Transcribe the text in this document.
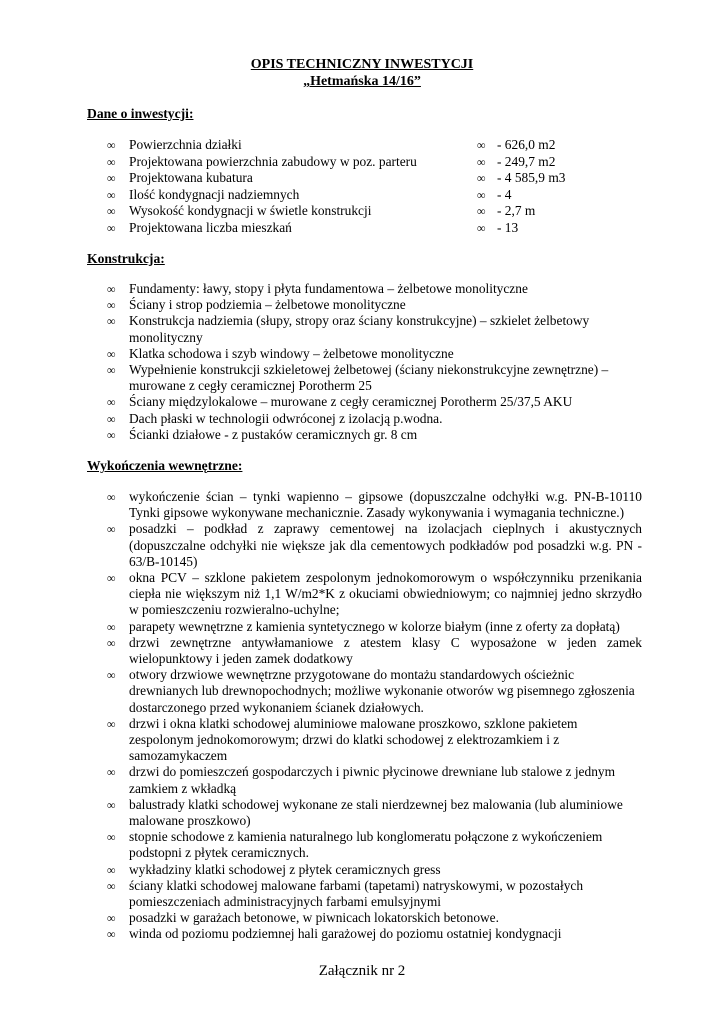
OPIS TECHNICZNY INWESTYCJI
„Hetmańska 14/16”
Dane o inwestycji:
∞	Powierzchnia działki	∞ - 626,0 m2
∞	Projektowana powierzchnia zabudowy w poz. parteru	∞ - 249,7 m2
∞	Projektowana kubatura	∞ - 4 585,9 m3
∞	Ilość kondygnacji nadziemnych	∞ - 4
∞	Wysokość kondygnacji w świetle konstrukcji	∞ - 2,7 m
∞	Projektowana liczba mieszkań	∞ - 13
Konstrukcja:
∞	Fundamenty: ławy, stopy i płyta fundamentowa – żelbetowe monolityczne
∞	Ściany i strop podziemia – żelbetowe monolityczne
∞	Konstrukcja nadziemia (słupy, stropy oraz ściany konstrukcyjne) – szkielet żelbetowy monolityczny
∞	Klatka schodowa i szyb windowy – żelbetowe monolityczne
∞	Wypełnienie konstrukcji szkieletowej żelbetowej (ściany niekonstrukcyjne zewnętrzne) – murowane z cegły ceramicznej Porotherm 25
∞	Ściany międzylokalowe – murowane z cegły ceramicznej Porotherm 25/37,5 AKU
∞	Dach płaski w technologii odwróconej z izolacją p.wodna.
∞	Ścianki działowe - z pustaków ceramicznych gr. 8 cm
Wykończenia wewnętrzne:
∞	wykończenie ścian – tynki wapienno – gipsowe (dopuszczalne odchyłki w.g. PN-B-10110 Tynki gipsowe wykonywane mechanicznie. Zasady wykonywania i wymagania techniczne.)
∞	posadzki – podkład z zaprawy cementowej na izolacjach cieplnych i akustycznych (dopuszczalne odchyłki nie większe jak dla cementowych podkładów pod posadzki w.g. PN - 63/B-10145)
∞	okna PCV – szklone pakietem zespolonym jednokomorowym o współczynniku przenikania ciepła nie większym niż 1,1 W/m2*K z okuciami obwiedniowym; co najmniej jedno skrzydło w pomieszczeniu rozwieralno-uchylne;
∞	parapety wewnętrzne z kamienia syntetycznego w kolorze białym (inne z oferty za dopłatą)
∞	drzwi zewnętrzne antywłamaniowe z atestem klasy C wyposażone w jeden zamek wielopunktowy i jeden zamek dodatkowy
∞	otwory drzwiowe wewnętrzne przygotowane do montażu standardowych ościeżnic drewnianych lub drewnopochodnych; możliwe wykonanie otworów wg pisemnego zgłoszenia dostarczonego przed wykonaniem ścianek działowych.
∞	drzwi i okna klatki schodowej aluminiowe malowane proszkowo, szklone pakietem zespolonym jednokomorowym; drzwi do klatki schodowej z elektrozamkiem i z samozamykaczem
∞	drzwi do pomieszczeń gospodarczych i piwnic płycinowe drewniane lub stalowe z jednym zamkiem z wkładką
∞	balustrady klatki schodowej wykonane ze stali nierdzewnej bez malowania (lub aluminiowe malowane proszkowo)
∞	stopnie schodowe z kamienia naturalnego lub konglomeratu połączone z wykończeniem podstopni z płytek ceramicznych.
∞	wykładziny klatki schodowej z płytek ceramicznych gress
∞	ściany klatki schodowej malowane farbami (tapetami) natryskowymi, w pozostałych pomieszczeniach administracyjnych farbami emulsyjnymi
∞	posadzki w garażach betonowe, w piwnicach lokatorskich betonowe.
∞	winda od poziomu podziemnej hali garażowej do poziomu ostatniej kondygnacji
Załącznik nr 2
